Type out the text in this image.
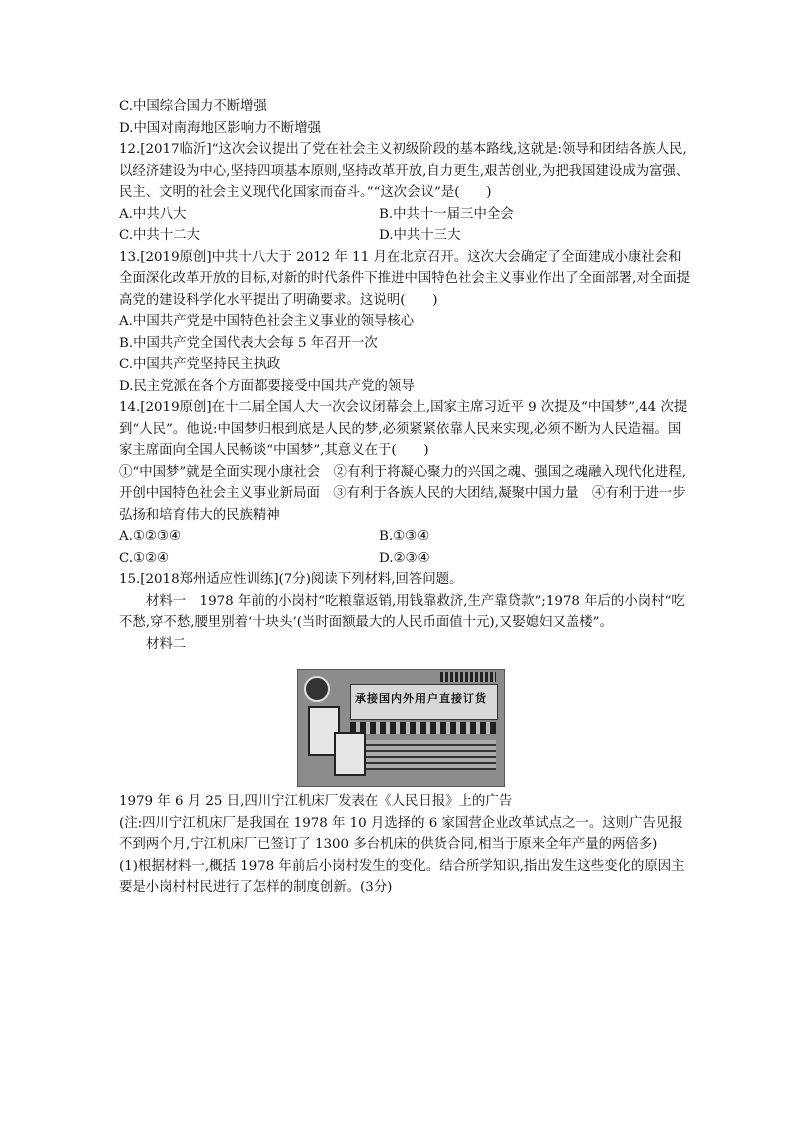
C.中国综合国力不断增强
D.中国对南海地区影响力不断增强
12.[2017临沂]“这次会议提出了党在社会主义初级阶段的基本路线,这就是:领导和团结各族人民,以经济建设为中心,坚持四项基本原则,坚持改革开放,自力更生,艰苦创业,为把我国建设成为富强、民主、文明的社会主义现代化国家而奋斗。”“这次会议”是(　　)
A.中共八大	B.中共十一届三中全会
C.中共十二大	D.中共十三大
13.[2019原创]中共十八大于 2012 年 11 月在北京召开。这次大会确定了全面建成小康社会和全面深化改革开放的目标,对新的时代条件下推进中国特色社会主义事业作出了全面部署,对全面提高党的建设科学化水平提出了明确要求。这说明(　　)
A.中国共产党是中国特色社会主义事业的领导核心
B.中国共产党全国代表大会每 5 年召开一次
C.中国共产党坚持民主执政
D.民主党派在各个方面都要接受中国共产党的领导
14.[2019原创]在十二届全国人大一次会议闭幕会上,国家主席习近平 9 次提及“中国梦”,44 次提到“人民”。他说:中国梦归根到底是人民的梦,必须紧紧依靠人民来实现,必须不断为人民造福。国家主席面向全国人民畅谈“中国梦”,其意义在于(　　)
①“中国梦”就是全面实现小康社会　②有利于将凝心聚力的兴国之魂、强国之魂融入现代化进程,开创中国特色社会主义事业新局面　③有利于各族人民的大团结,凝聚中国力量　④有利于进一步弘扬和培育伟大的民族精神
A.①②③④	B.①③④
C.①②④	D.②③④
15.[2018郑州适应性训练](7分)阅读下列材料,回答问题。
材料一　1978 年前的小岗村“吃粮靠返销,用钱靠救济,生产靠贷款”;1978 年后的小岗村“吃不愁,穿不愁,腰里别着‘十块头’(当时面额最大的人民币面值十元),又娶媳妇又盖楼”。
材料二
承接国内外用户直接订货
1979 年 6 月 25 日,四川宁江机床厂发表在《人民日报》上的广告
(注:四川宁江机床厂是我国在 1978 年 10 月选择的 6 家国营企业改革试点之一。这则广告见报不到两个月,宁江机床厂已签订了 1300 多台机床的供货合同,相当于原来全年产量的两倍多)
(1)根据材料一,概括 1978 年前后小岗村发生的变化。结合所学知识,指出发生这些变化的原因主要是小岗村村民进行了怎样的制度创新。(3分)
